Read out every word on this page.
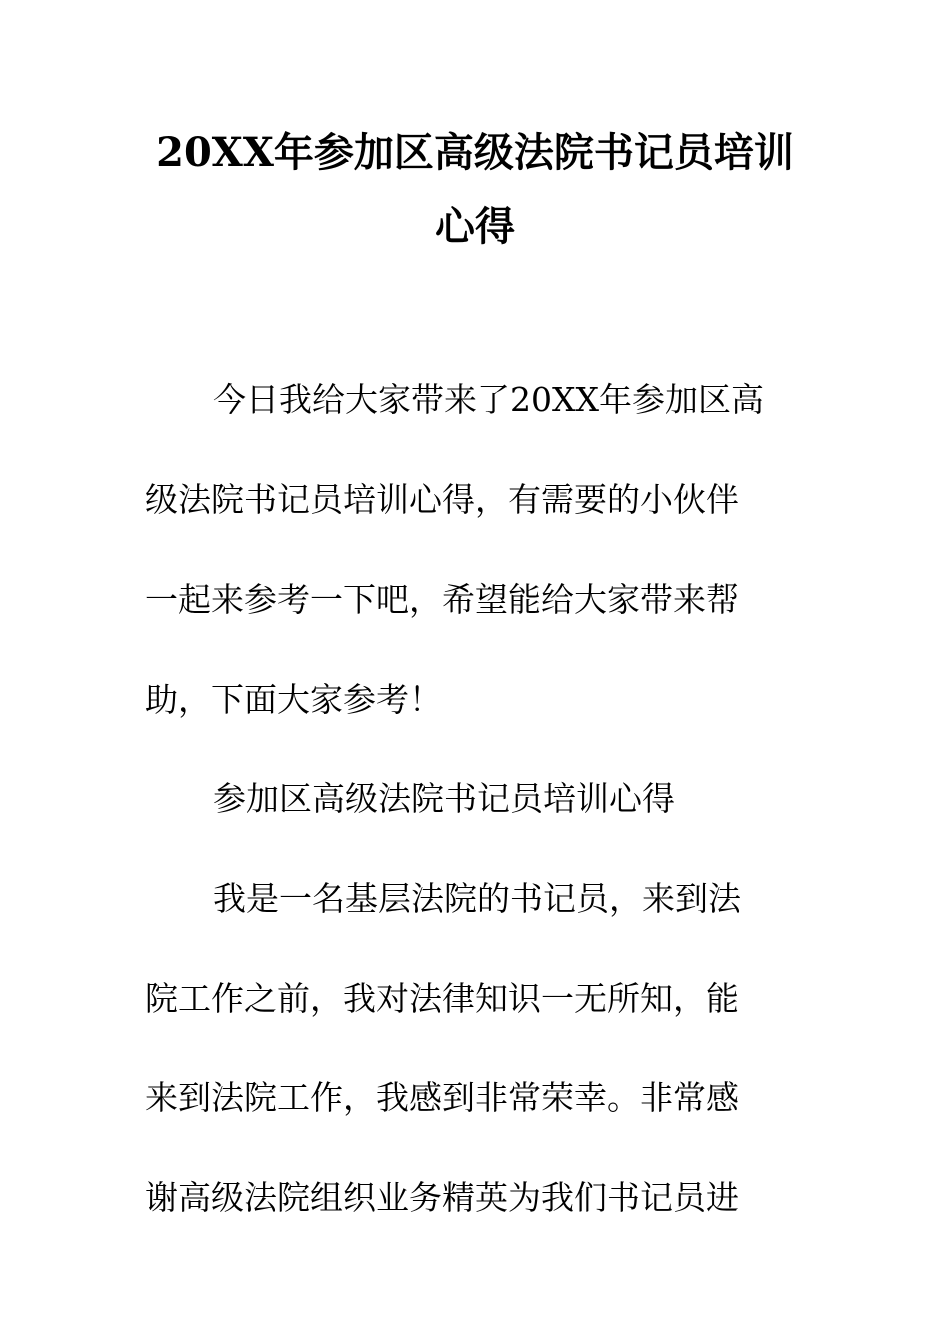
20XX年参加区高级法院书记员培训
心得

今日我给大家带来了20XX年参加区高

级法院书记员培训心得，有需要的小伙伴

一起来参考一下吧，希望能给大家带来帮

助，下面大家参考！

参加区高级法院书记员培训心得

我是一名基层法院的书记员，来到法

院工作之前，我对法律知识一无所知，能

来到法院工作，我感到非常荣幸。非常感

谢高级法院组织业务精英为我们书记员进
